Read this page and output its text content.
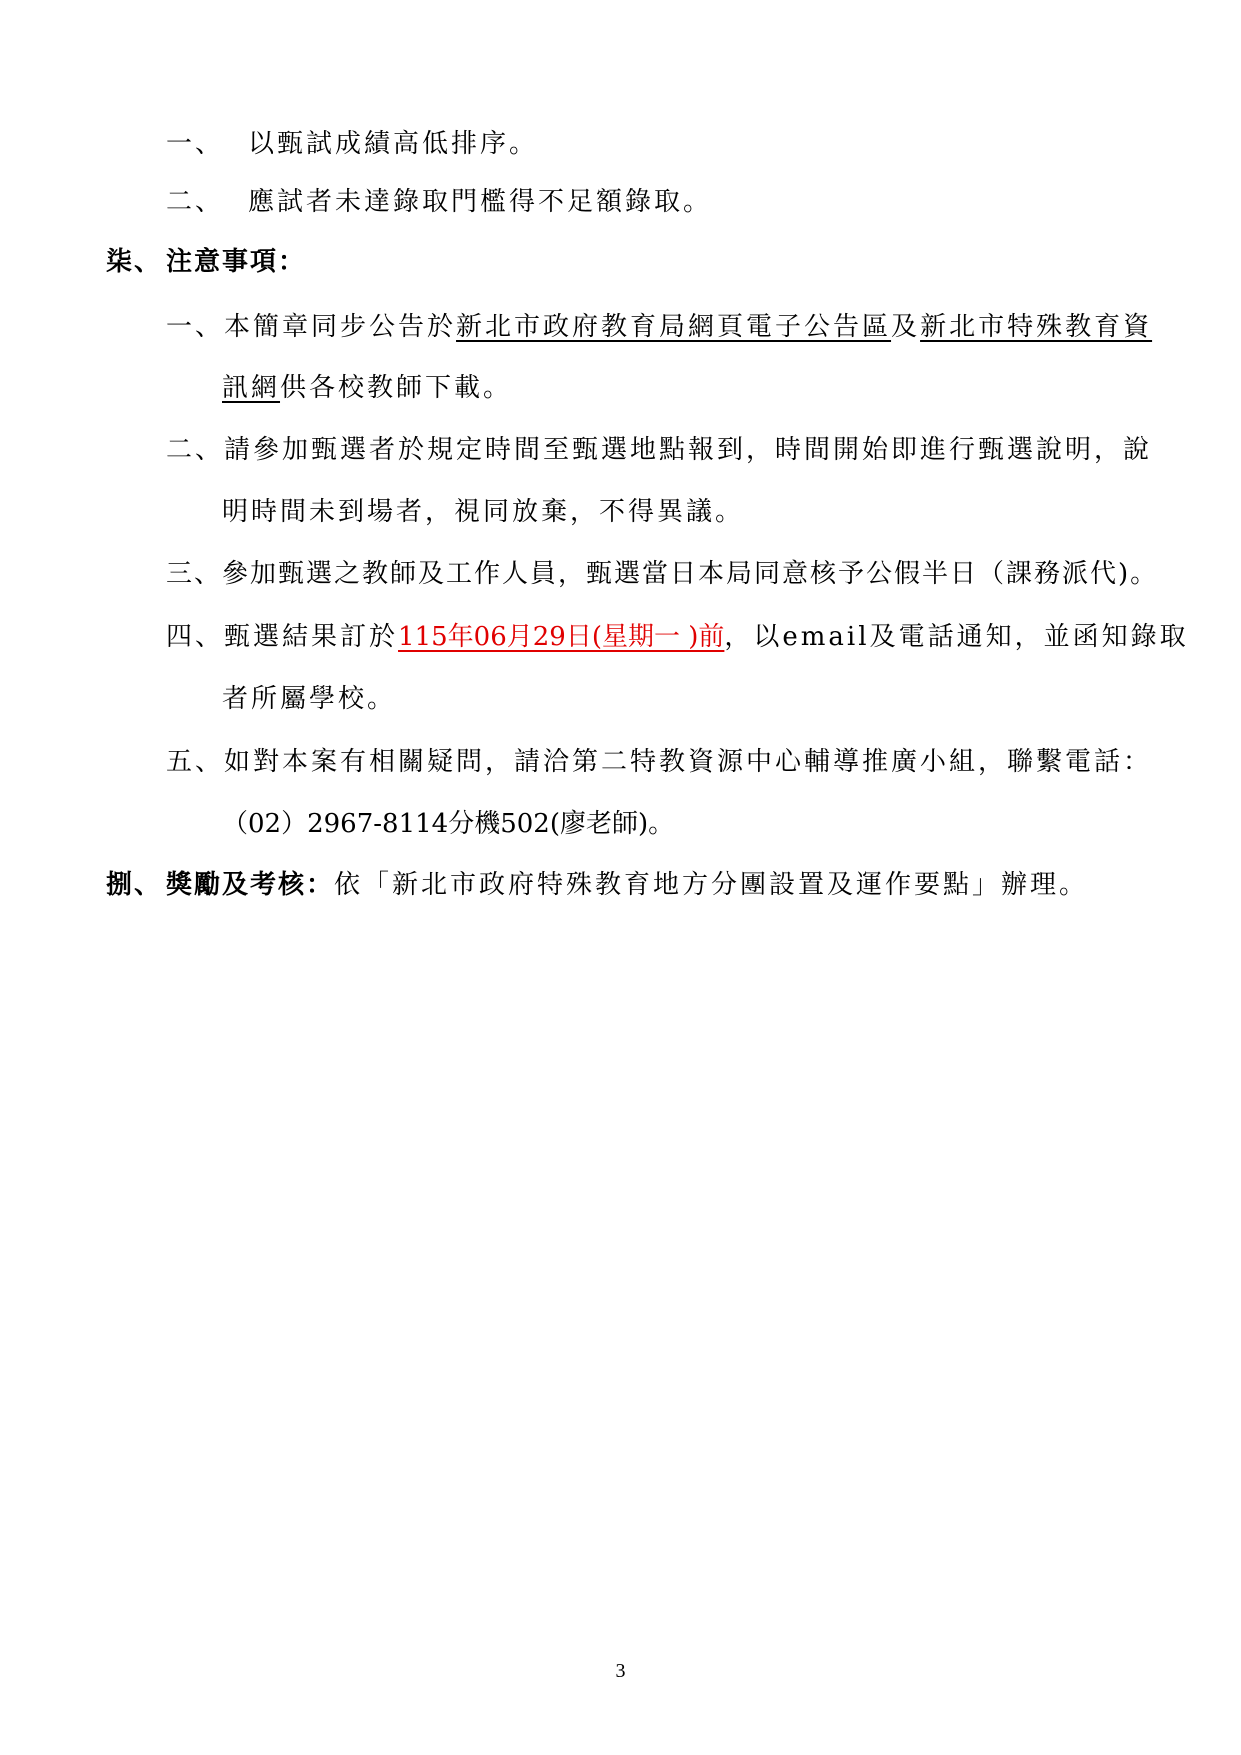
一、 以甄試成績高低排序。
二、 應試者未達錄取門檻得不足額錄取。
柒、 注意事項：
一、本簡章同步公告於新北市政府教育局網頁電子公告區及新北市特殊教育資
訊網供各校教師下載。
二、請參加甄選者於規定時間至甄選地點報到，時間開始即進行甄選說明，說
明時間未到場者，視同放棄，不得異議。
三、參加甄選之教師及工作人員，甄選當日本局同意核予公假半日（課務派代)。
四、甄選結果訂於115年06月29日(星期一 )前，以email及電話通知，並函知錄取
者所屬學校。
五、如對本案有相關疑問，請洽第二特教資源中心輔導推廣小組，聯繫電話：
（02）2967-8114分機502(廖老師)。
捌、 獎勵及考核：依「新北市政府特殊教育地方分團設置及運作要點」辦理。
3
